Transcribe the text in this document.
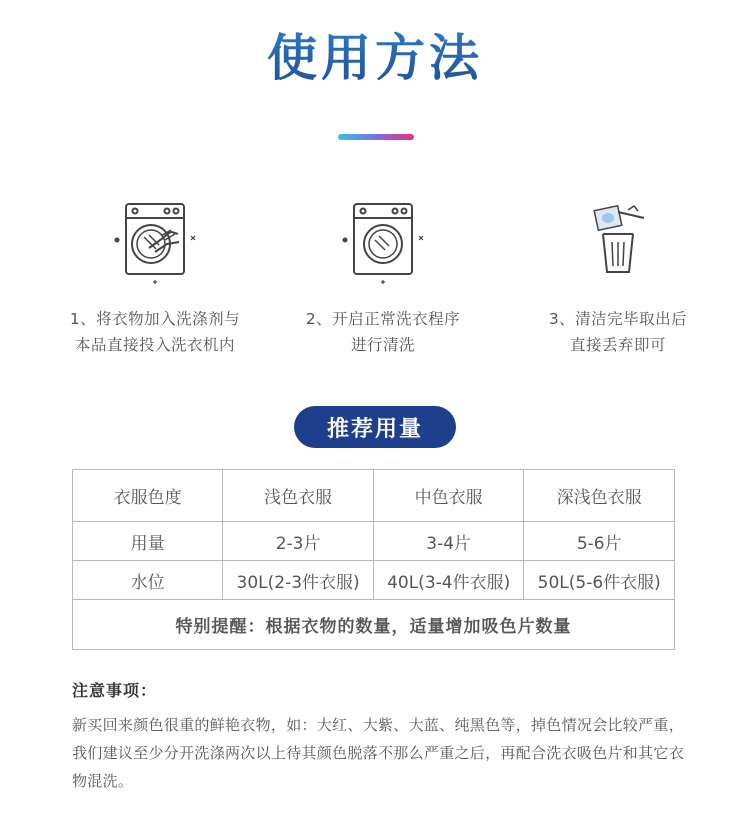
使用方法
1、将衣物加入洗涤剂与
本品直接投入洗衣机内
2、开启正常洗衣程序
进行清洗
3、清洁完毕取出后
直接丢弃即可
推荐用量
衣服色度	浅色衣服	中色衣服	深浅色衣服
用量	2-3片	3-4片	5-6片
水位	30L(2-3件衣服)	40L(3-4件衣服)	50L(5-6件衣服)
特别提醒：根据衣物的数量，适量增加吸色片数量			
注意事项：
新买回来颜色很重的鲜艳衣物，如：大红、大紫、大蓝、纯黑色等，掉色情况会比较严重，我们建议至少分开洗涤两次以上待其颜色脱落不那么严重之后，再配合洗衣吸色片和其它衣物混洗。
